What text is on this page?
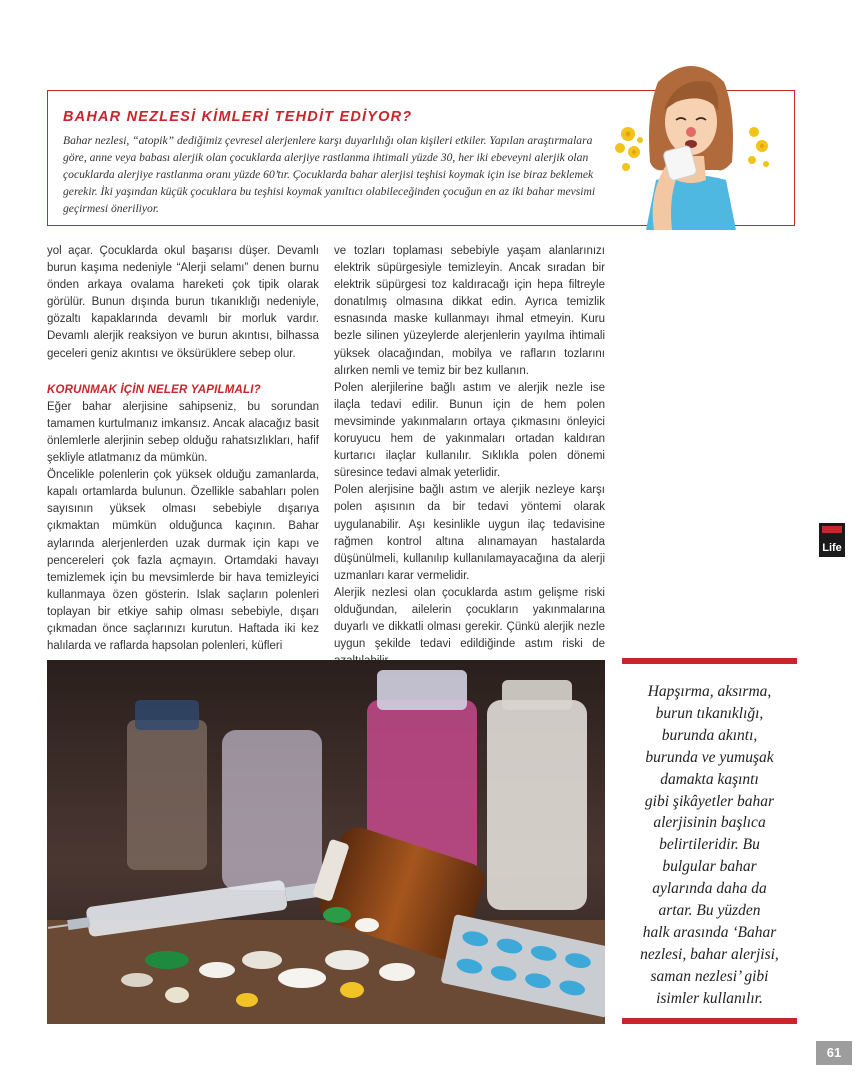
BAHAR NEZLESİ KİMLERİ TEHDİT EDİYOR?
Bahar nezlesi, “atopik” dediğimiz çevresel alerjenlere karşı duyarlılığı olan kişileri etkiler. Yapılan araştırmalara göre, anne veya babası alerjik olan çocuklarda alerjiye rastlanma ihtimali yüzde 30, her iki ebeveyni alerjik olan çocuklarda alerjiye rastlanma oranı yüzde 60’tır. Çocuklarda bahar alerjisi teşhisi koymak için ise biraz beklemek gerekir. İki yaşından küçük çocuklara bu teşhisi koymak yanıltıcı olabileceğinden çocuğun en az iki bahar mevsimi geçirmesi öneriliyor.

yol açar. Çocuklarda okul başarısı düşer. Devamlı burun kaşıma nedeniyle “Alerji selamı” denen burnu önden arkaya ovalama hareketi çok tipik olarak görülür. Bunun dışında burun tıkanıklığı nedeniyle, gözaltı kapaklarında devamlı bir morluk vardır. Devamlı alerjik reaksiyon ve burun akıntısı, bilhassa geceleri geniz akıntısı ve öksürüklere sebep olur.

KORUNMAK İÇİN NELER YAPILMALI?

Eğer bahar alerjisine sahipseniz, bu sorundan tamamen kurtulmanız imkansız. Ancak alacağız basit önlemlerle alerjinin sebep olduğu rahatsızlıkları, hafif şekliyle atlatmanız da mümkün.

Öncelikle polenlerin çok yüksek olduğu zamanlarda, kapalı ortamlarda bulunun. Özellikle sabahları polen sayısının yüksek olması sebebiyle dışarıya çıkmaktan mümkün olduğunca kaçının. Bahar aylarında alerjenlerden uzak durmak için kapı ve pencereleri çok fazla açmayın. Ortamdaki havayı temizlemek için bu mevsimlerde bir hava temizleyici kullanmaya özen gösterin. Islak saçların polenleri toplayan bir etkiye sahip olması sebebiyle, dışarı çıkmadan önce saçlarınızı kurutun. Haftada iki kez halılarda ve raflarda hapsolan polenleri, küfleri

ve tozları toplaması sebebiyle yaşam alanlarınızı elektrik süpürgesiyle temizleyin. Ancak sıradan bir elektrik süpürgesi toz kaldıracağı için hepa filtreyle donatılmış olmasına dikkat edin. Ayrıca temizlik esnasında maske kullanmayı ihmal etmeyin. Kuru bezle silinen yüzeylerde alerjenlerin yayılma ihtimali yüksek olacağından, mobilya ve rafların tozlarını alırken nemli ve temiz bir bez kullanın.

Polen alerjilerine bağlı astım ve alerjik nezle ise ilaçla tedavi edilir. Bunun için de hem polen mevsiminde yakınmaların ortaya çıkmasını önleyici koruyucu hem de yakınmaları ortadan kaldıran kurtarıcı ilaçlar kullanılır. Sıklıkla polen dönemi süresince tedavi almak yeterlidir.

Polen alerjisine bağlı astım ve alerjik nezleye karşı polen aşısının da bir tedavi yöntemi olarak uygulanabilir. Aşı kesinlikle uygun ilaç tedavisine rağmen kontrol altına alınamayan hastalarda düşünülmeli, kullanılıp kullanılamayacağına da alerji uzmanları karar vermelidir.

Alerjik nezlesi olan çocuklarda astım gelişme riski olduğundan, ailelerin çocukların yakınmalarına duyarlı ve dikkatli olması gerekir. Çünkü alerjik nezle uygun şekilde tedavi edildiğinde astım riski de

Life
Hapşırma, aksırma,
burun tıkanıklığı,
burunda akıntı,
burunda ve yumuşak
damakta kaşıntı
gibi şikâyetler bahar
alerjisinin başlıca
belirtileridir. Bu
bulgular bahar
aylarında daha da
artar. Bu yüzden
halk arasında ‘Bahar
nezlesi, bahar alerjisi,
saman nezlesi’ gibi
isimler kullanılır.
61
